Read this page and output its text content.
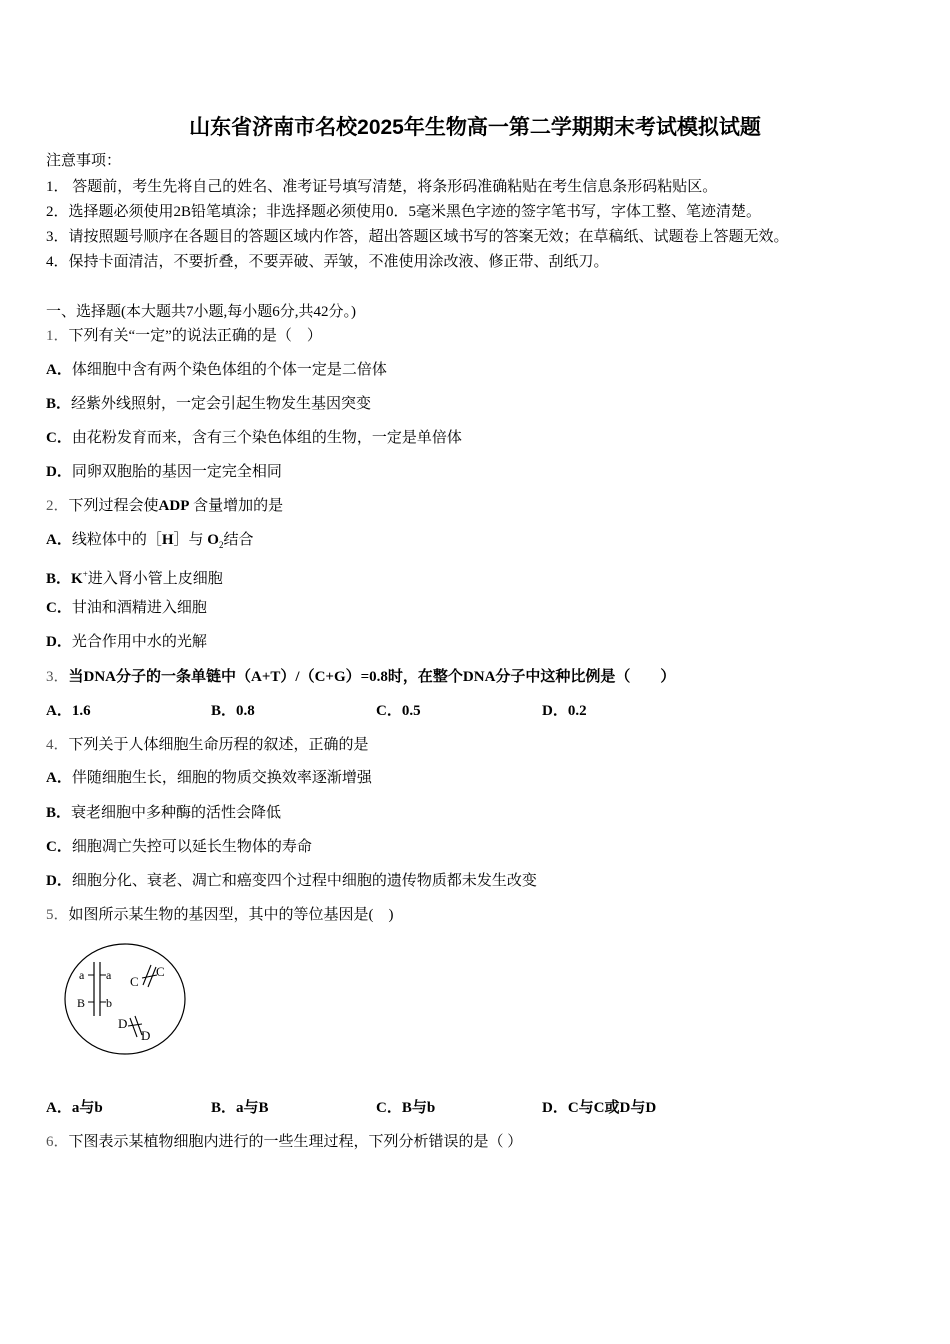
山东省济南市名校2025年生物高一第二学期期末考试模拟试题
注意事项：
1． 答题前，考生先将自己的姓名、准考证号填写清楚，将条形码准确粘贴在考生信息条形码粘贴区。
2．选择题必须使用2B铅笔填涂；非选择题必须使用0．5毫米黑色字迹的签字笔书写，字体工整、笔迹清楚。
3．请按照题号顺序在各题目的答题区域内作答，超出答题区域书写的答案无效；在草稿纸、试题卷上答题无效。
4．保持卡面清洁，不要折叠，不要弄破、弄皱，不准使用涂改液、修正带、刮纸刀。
一、选择题(本大题共7小题,每小题6分,共42分。)
1．下列有关“一定”的说法正确的是（　）
A．体细胞中含有两个染色体组的个体一定是二倍体
B．经紫外线照射，一定会引起生物发生基因突变
C．由花粉发育而来，含有三个染色体组的生物，一定是单倍体
D．同卵双胞胎的基因一定完全相同
2．下列过程会使ADP 含量增加的是
A．线粒体中的［H］与 $O_2$结合
B．K+进入肾小管上皮细胞
C．甘油和酒精进入细胞
D．光合作用中水的光解
3．当DNA分子的一条单链中（A+T）/（C+G）=0.8时，在整个DNA分子中这种比例是（　　）
A．1.6	B．0.8	C．0.5	D．0.2
4．下列关于人体细胞生命历程的叙述，正确的是
A．伴随细胞生长，细胞的物质交换效率逐渐增强
B．衰老细胞中多种酶的活性会降低
C．细胞凋亡失控可以延长生物体的寿命
D．细胞分化、衰老、凋亡和癌变四个过程中细胞的遗传物质都未发生改变
5．如图所示某生物的基因型，其中的等位基因是(　)
a a
B b
C
C
D
D
A．a与b	B．a与B	C．B与b	D．C与C或D与D
6．下图表示某植物细胞内进行的一些生理过程，下列分析错误的是（ ）
